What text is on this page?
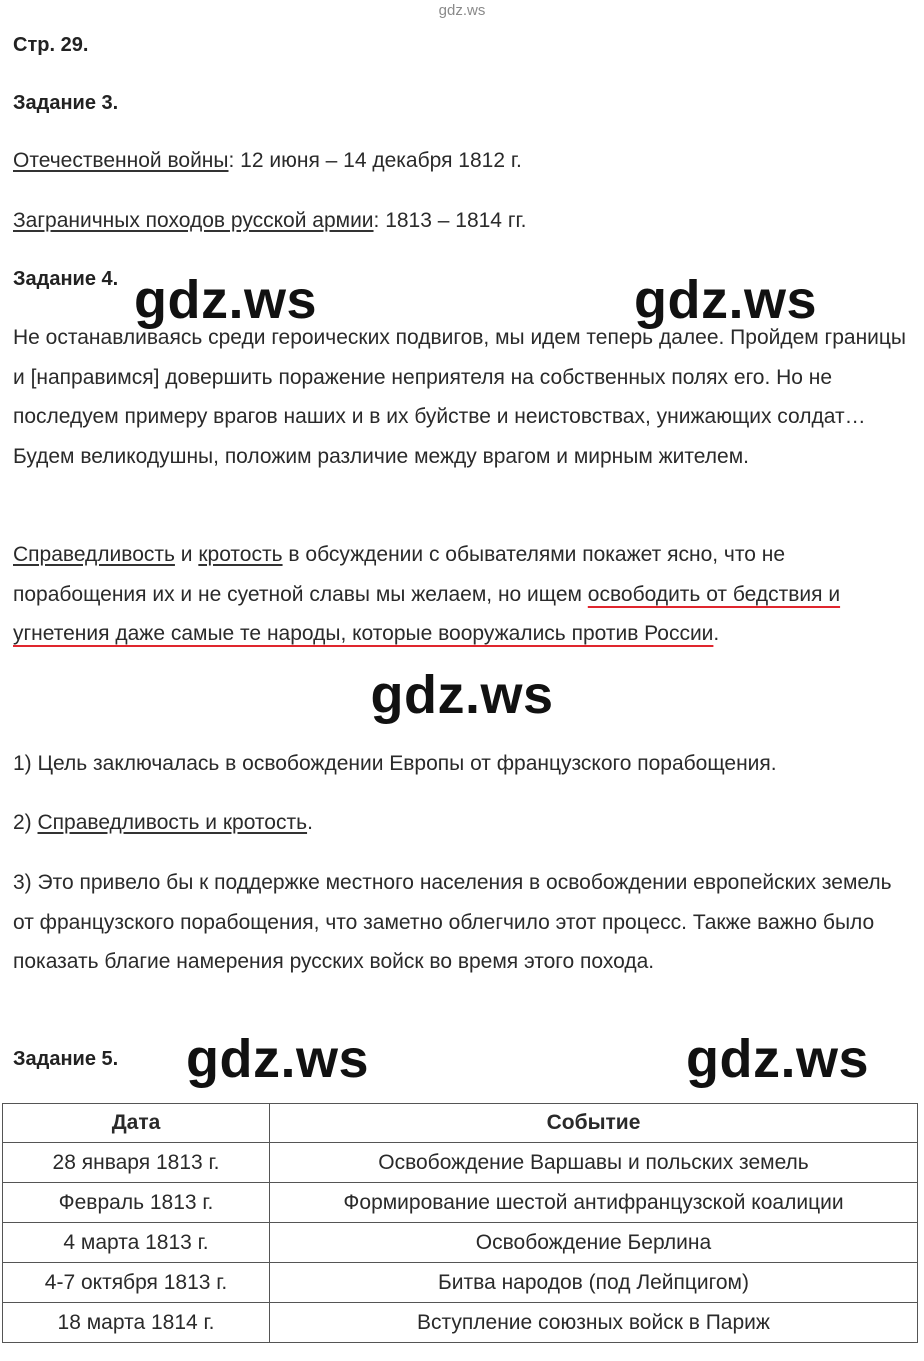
gdz.ws
Стр. 29.
Задание 3.
Отечественной войны: 12 июня – 14 декабря 1812 г.
Заграничных походов русской армии: 1813 – 1814 гг.
Задание 4. gdz.ws	gdz.ws
Не останавливаясь среди героических подвигов, мы идем теперь далее. Пройдем границы и [направимся] довершить поражение неприятеля на собственных полях его. Но не последуем примеру врагов наших и в их буйстве и неистовствах, унижающих солдат… Будем великодушны, положим различие между врагом и мирным жителем.
Справедливость и кротость в обсуждении с обывателями покажет ясно, что не порабощения их и не суетной славы мы желаем, но ищем освободить от бедствия и угнетения даже самые те народы, которые вооружались против России.
gdz.ws
1) Цель заключалась в освобождении Европы от французского порабощения.
2) Справедливость и кротость.
3) Это привело бы к поддержке местного населения в освобождении европейских земель от французского порабощения, что заметно облегчило этот процесс. Также важно было показать благие намерения русских войск во время этого похода.
Задание 5. gdz.ws	gdz.ws
Дата	Событие
28 января 1813 г.	Освобождение Варшавы и польских земель
Февраль 1813 г.	Формирование шестой антифранцузской коалиции
4 марта 1813 г.	Освобождение Берлина
4-7 октября 1813 г.	Битва народов (под Лейпцигом)
18 марта 1814 г.	Вступление союзных войск в Париж
